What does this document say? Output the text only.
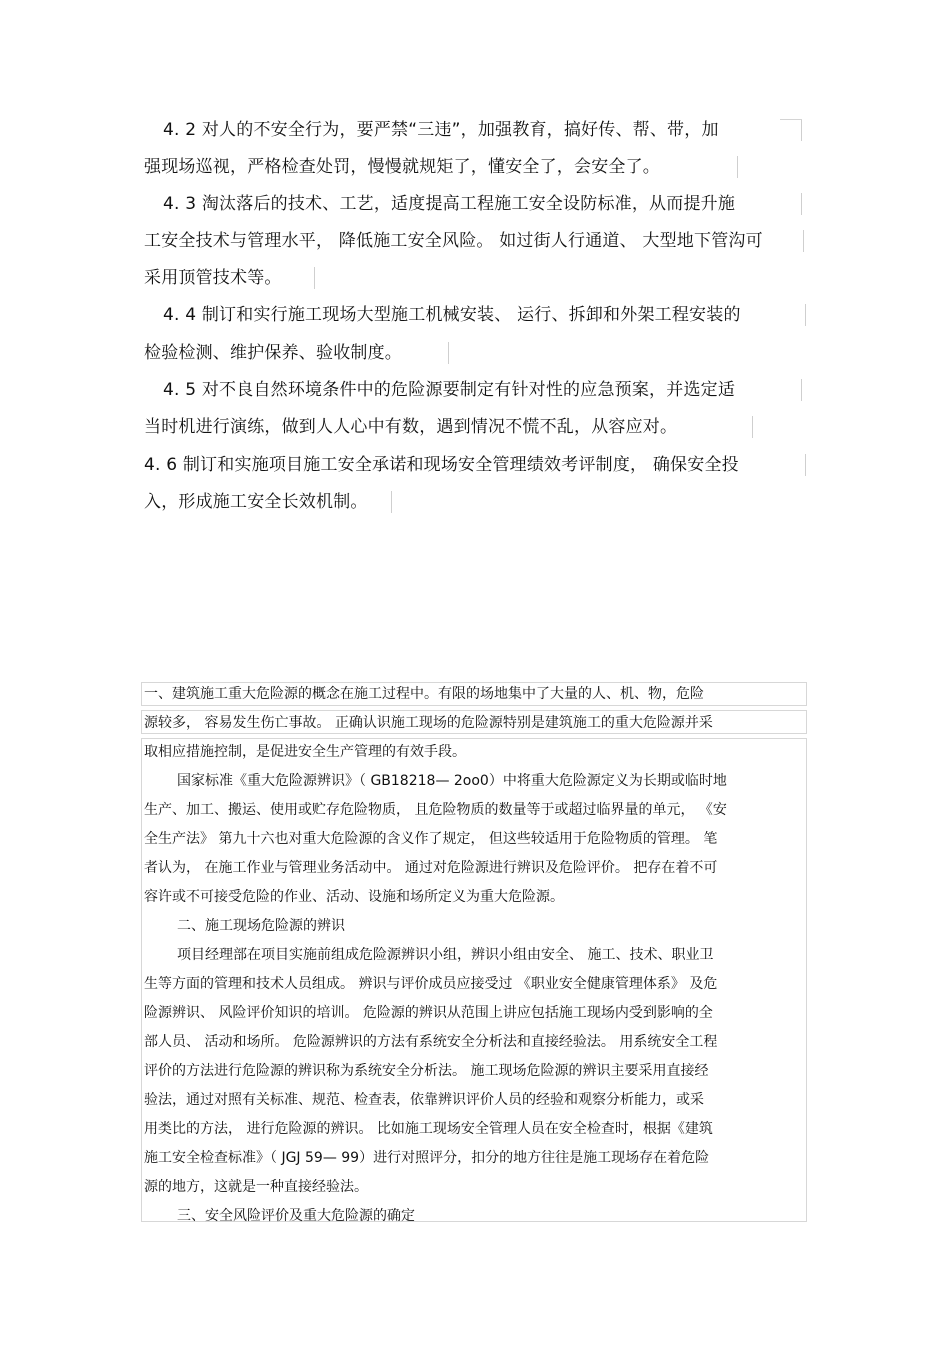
4. 2 对人的不安全行为，要严禁“三违”，加强教育，搞好传、帮、带，加
强现场巡视，严格检查处罚，慢慢就规矩了，懂安全了，会安全了。
4. 3 淘汰落后的技术、工艺，适度提高工程施工安全设防标准，从而提升施
工安全技术与管理水平， 降低施工安全风险。 如过街人行通道、 大型地下管沟可
采用顶管技术等。
4. 4 制订和实行施工现场大型施工机械安装、 运行、拆卸和外架工程安装的
检验检测、维护保养、验收制度。
4. 5 对不良自然环境条件中的危险源要制定有针对性的应急预案，并选定适
当时机进行演练，做到人人心中有数，遇到情况不慌不乱，从容应对。
4. 6 制订和实施项目施工安全承诺和现场安全管理绩效考评制度， 确保安全投
入，形成施工安全长效机制。
一、建筑施工重大危险源的概念在施工过程中。有限的场地集中了大量的人、机、物，危险
源较多， 容易发生伤亡事故。 正确认识施工现场的危险源特别是建筑施工的重大危险源并采
取相应措施控制，是促进安全生产管理的有效手段。
国家标准《重大危险源辨识》（ GB18218— 2oo0）中将重大危险源定义为长期或临时地
生产、加工、搬运、使用或贮存危险物质， 且危险物质的数量等于或超过临界量的单元， 《安
全生产法》 第九十六也对重大危险源的含义作了规定， 但这些较适用于危险物质的管理。 笔
者认为， 在施工作业与管理业务活动中。 通过对危险源进行辨识及危险评价。 把存在着不可
容许或不可接受危险的作业、活动、设施和场所定义为重大危险源。
二、施工现场危险源的辨识
项目经理部在项目实施前组成危险源辨识小组，辨识小组由安全、 施工、技术、职业卫
生等方面的管理和技术人员组成。 辨识与评价成员应接受过 《职业安全健康管理体系》 及危
险源辨识、 风险评价知识的培训。 危险源的辨识从范围上讲应包括施工现场内受到影响的全
部人员、 活动和场所。 危险源辨识的方法有系统安全分析法和直接经验法。 用系统安全工程
评价的方法进行危险源的辨识称为系统安全分析法。 施工现场危险源的辨识主要采用直接经
验法，通过对照有关标准、规范、检查表，依靠辨识评价人员的经验和观察分析能力，或采
用类比的方法， 进行危险源的辨识。 比如施工现场安全管理人员在安全检查时，根据《建筑
施工安全检查标准》（ JGJ 59— 99）进行对照评分，扣分的地方往往是施工现场存在着危险
源的地方，这就是一种直接经验法。
三、安全风险评价及重大危险源的确定
